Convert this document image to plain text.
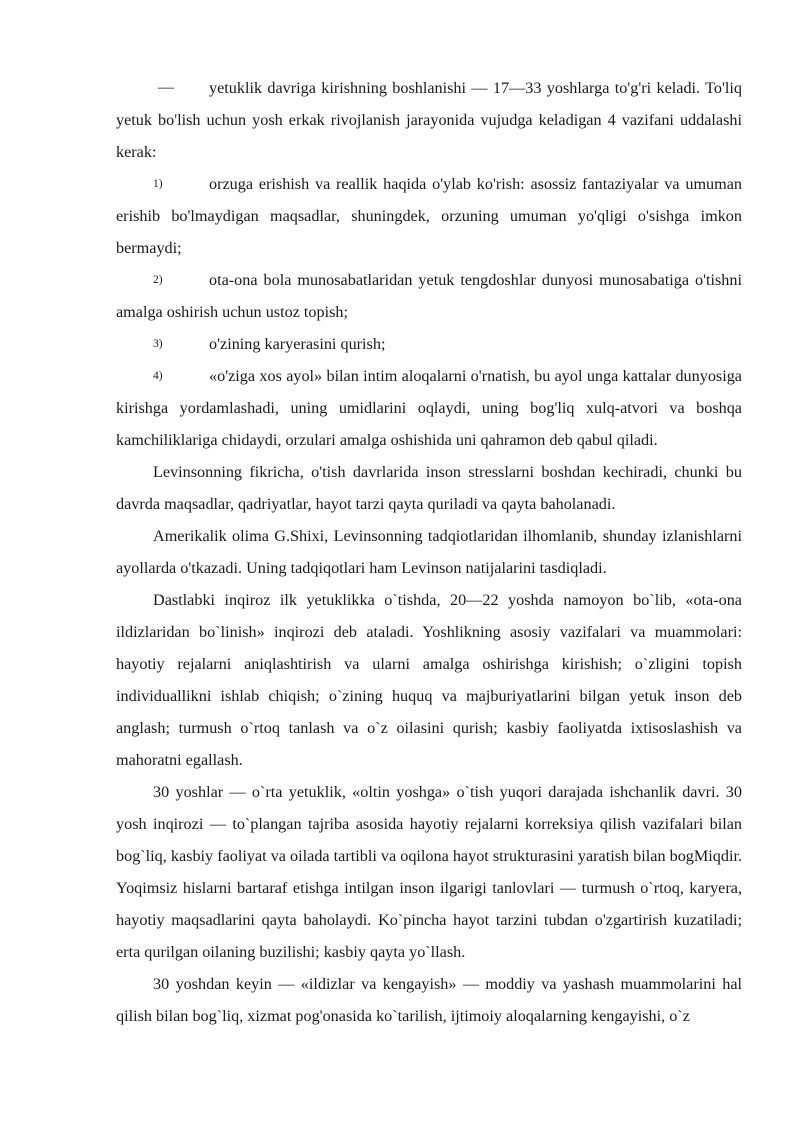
— yetuklik davriga kirishning boshlanishi — 17—33 yoshlarga to'g'ri keladi. To'liq yetuk bo'lish uchun yosh erkak rivojlanish jarayonida vujudga keladigan 4 vazifani uddalashi kerak:

1)	orzuga erishish va reallik haqida o'ylab ko'rish: asossiz fantaziyalar va umuman erishib bo'lmaydigan maqsadlar, shuningdek, orzuning umuman yo'qligi o'sishga imkon bermaydi;

2)	ota-ona bola munosabatlaridan yetuk tengdoshlar dunyosi munosabatiga o'tishni amalga oshirish uchun ustoz topish;

3)	o'zining karyerasini qurish;

4)	«o'ziga xos ayol» bilan intim aloqalarni o'rnatish, bu ayol unga kattalar dunyosiga kirishga yordamlashadi, uning umidlarini oqlaydi, uning bog'liq xulq-atvori va boshqa kamchiliklariga chidaydi, orzulari amalga oshishida uni qahramon deb qabul qiladi.

Levinsonning fikricha, o'tish davrlarida inson stresslarni boshdan kechiradi, chunki bu davrda maqsadlar, qadriyatlar, hayot tarzi qayta quriladi va qayta baholanadi.

Amerikalik olima G.Shixi, Levinsonning tadqiotlaridan ilhomlanib, shunday izlanishlarni ayollarda o'tkazadi. Uning tadqiqotlari ham Levinson natijalarini tasdiqladi.

Dastlabki inqiroz ilk yetuklikka o`tishda, 20—22 yoshda namoyon bo`lib, «ota-ona ildizlaridan bo`linish» inqirozi deb ataladi. Yoshlikning asosiy vazifalari va muammolari: hayotiy rejalarni aniqlashtirish va ularni amalga oshirishga kirishish; o`zligini topish individuallikni ishlab chiqish; o`zining huquq va majburiyatlarini bilgan yetuk inson deb anglash; turmush o`rtoq tanlash va o`z oilasini qurish; kasbiy faoliyatda ixtisoslashish va mahoratni egallash.

30 yoshlar — o`rta yetuklik, «oltin yoshga» o`tish yuqori darajada ishchanlik davri. 30 yosh inqirozi — to`plangan tajriba asosida hayotiy rejalarni korreksiya qilish vazifalari bilan bog`liq, kasbiy faoliyat va oilada tartibli va oqilona hayot strukturasini yaratish bilan bogMiqdir. Yoqimsiz hislarni bartaraf etishga intilgan inson ilgarigi tanlovlari — turmush o`rtoq, karyera, hayotiy maqsadlarini qayta baholaydi. Ko`pincha hayot tarzini tubdan o'zgartirish kuzatiladi; erta qurilgan oilaning buzilishi; kasbiy qayta yo`llash.

30 yoshdan keyin — «ildizlar va kengayish» — moddiy va yashash muammolarini hal qilish bilan bog`liq, xizmat pog'onasida ko`tarilish, ijtimoiy aloqalarning kengayishi, o`z
